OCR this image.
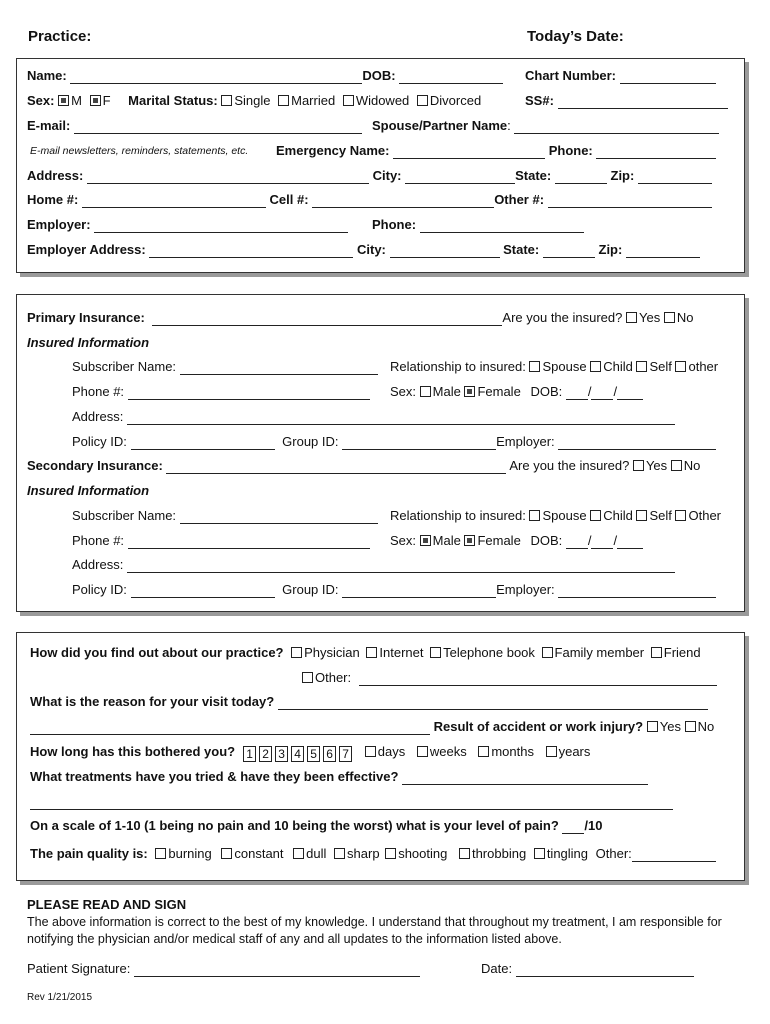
Practice:	Today’s Date:
Name:	DOB:	Chart Number:
Sex: M F Marital Status: Single Married Widowed Divorced	SS#:
E-mail:	Spouse/Partner Name:
E-mail newsletters, reminders, statements, etc. Emergency Name:	Phone:
Address:	City:	State:	Zip:
Home #:	Cell #:	Other #:
Employer:	Phone:
Employer Address:	City:	State:	Zip:
Primary Insurance:	Are you the insured? Yes No
Insured Information
Subscriber Name:	Relationship to insured: Spouse Child Self other
Phone #:	Sex: Male Female DOB: / /
Address:
Policy ID:	Group ID:	Employer:
Secondary Insurance:	Are you the insured? Yes No
Insured Information
Subscriber Name:	Relationship to insured: Spouse Child Self Other
Phone #:	Sex: Male Female DOB: / /
Address:
Policy ID:	Group ID:	Employer:
How did you find out about our practice? Physician Internet Telephone book Family member Friend
Other:
What is the reason for your visit today?
Result of accident or work injury? Yes No
How long has this bothered you? 1 2 3 4 5 6 7 days weeks months years
What treatments have you tried & have they been effective?
On a scale of 1-10 (1 being no pain and 10 being the worst) what is your level of pain? /10
The pain quality is: burning constant dull sharp shooting throbbing tingling Other:
PLEASE READ AND SIGN
The above information is correct to the best of my knowledge. I understand that throughout my treatment, I am responsible for
notifying the physician and/or medical staff of any and all updates to the information listed above.
Patient Signature:	Date:
Rev 1/21/2015
